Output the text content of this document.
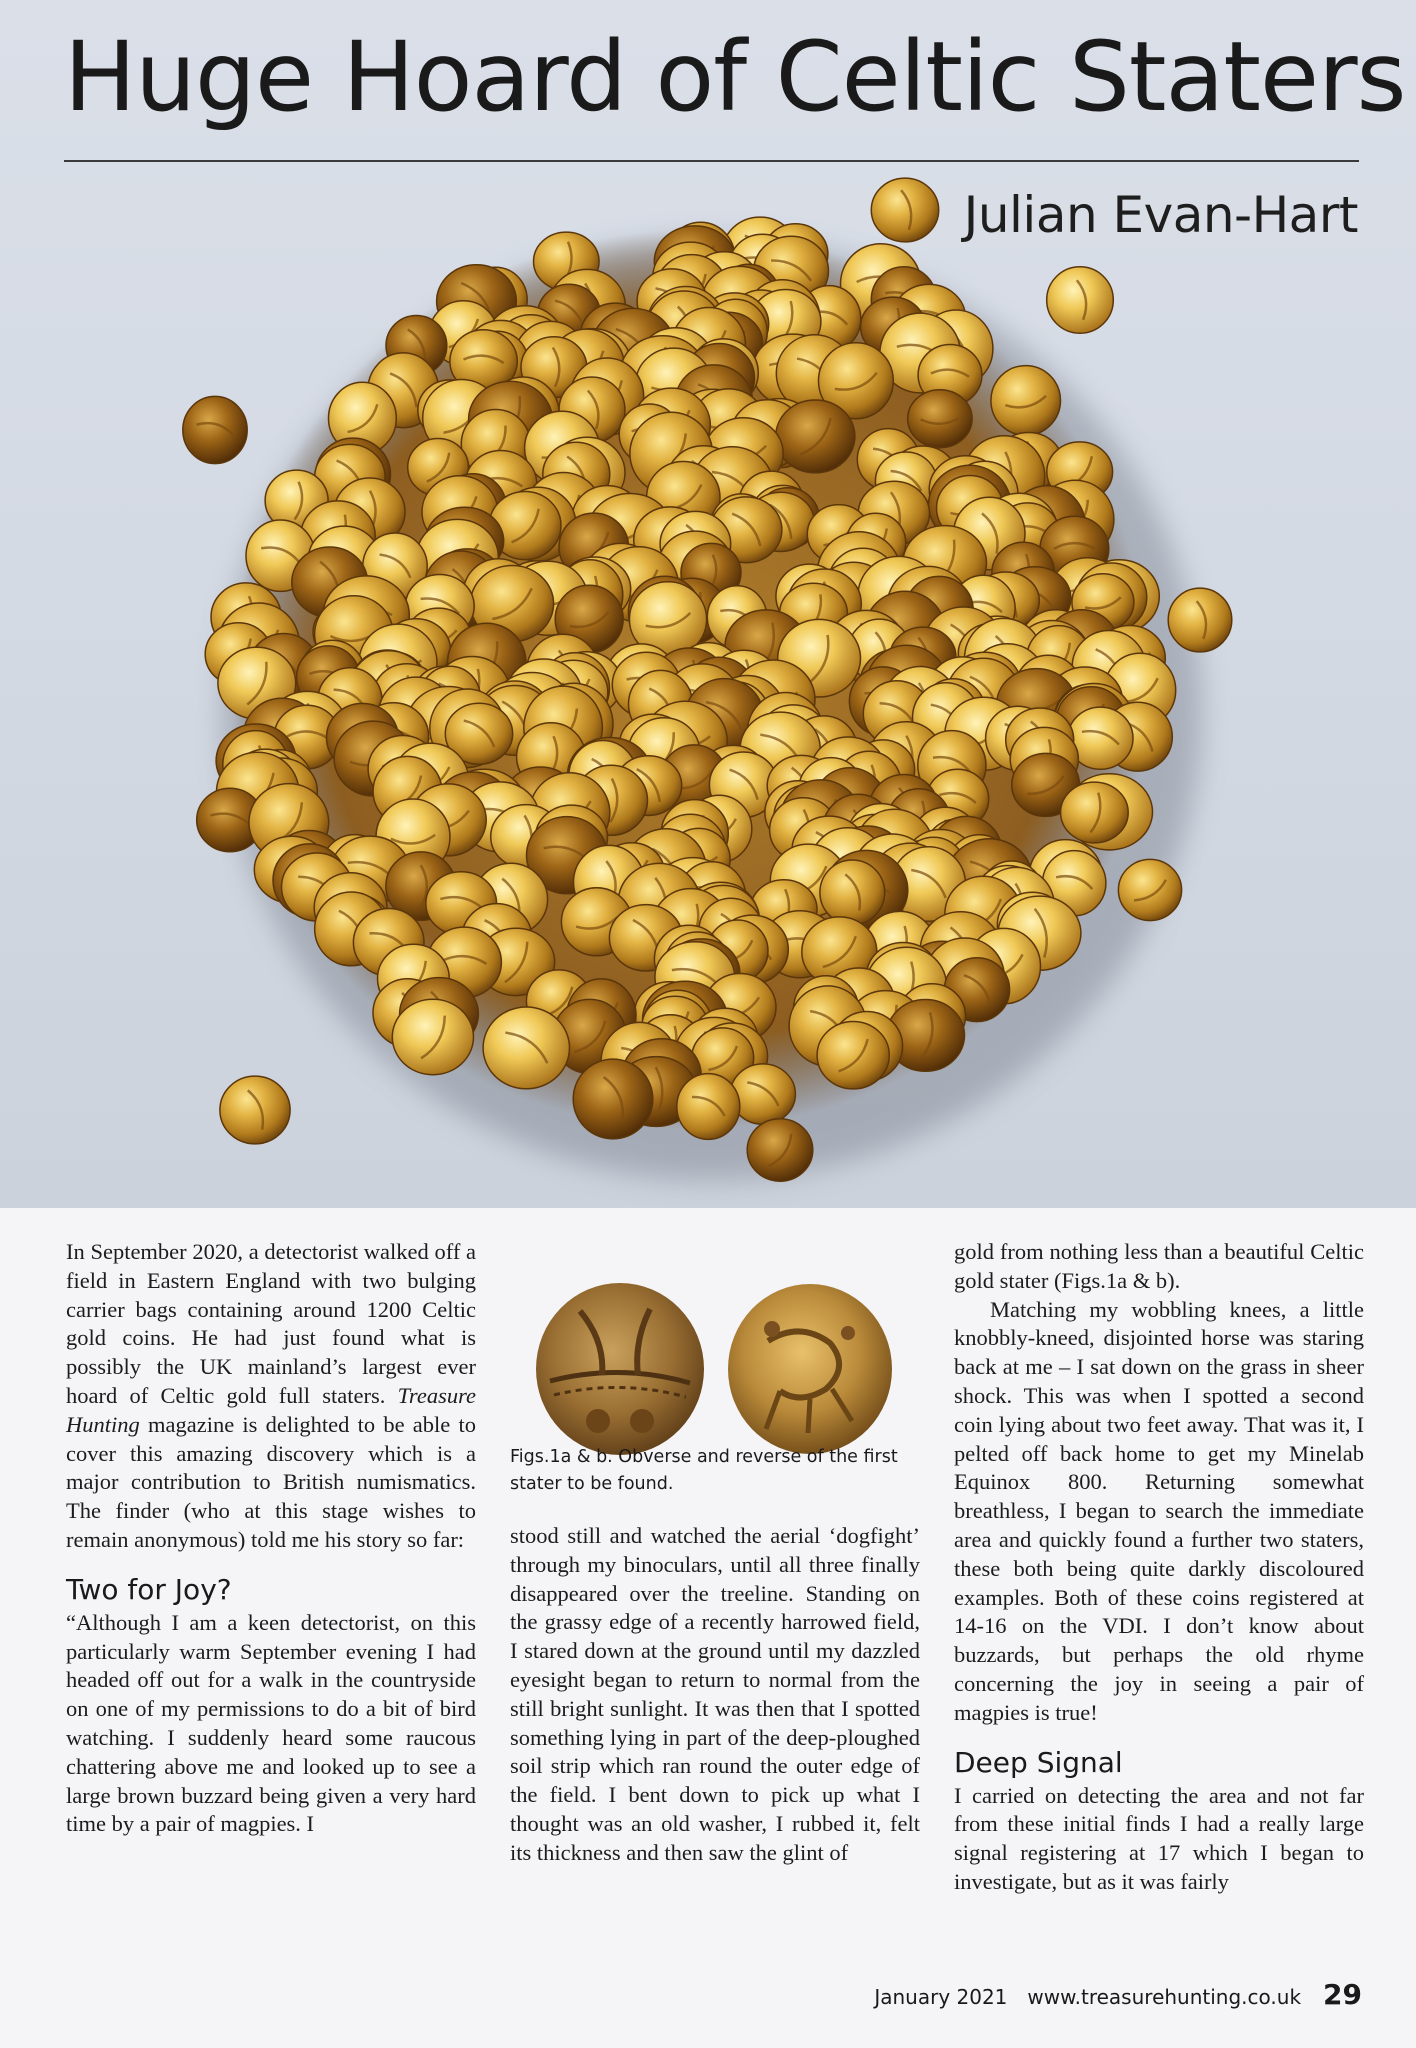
Huge Hoard of Celtic Staters
Julian Evan-Hart

In September 2020, a detectorist walked off a field in Eastern England with two bulging carrier bags containing around 1200 Celtic gold coins. He had just found what is possibly the UK mainland’s largest ever hoard of Celtic gold full staters. Treasure Hunting magazine is delighted to be able to cover this amazing discovery which is a major contribution to British numismatics. The finder (who at this stage wishes to remain anonymous) told me his story so far:

Two for Joy?

“Although I am a keen detectorist, on this particularly warm September evening I had headed off out for a walk in the countryside on one of my permissions to do a bit of bird watching. I suddenly heard some raucous chattering above me and looked up to see a large brown buzzard being given a very hard time by a pair of magpies. I

Figs.1a & b. Obverse and reverse of the first stater to be found.

stood still and watched the aerial ‘dogfight’ through my binoculars, until all three finally disappeared over the treeline. Standing on the grassy edge of a recently harrowed field, I stared down at the ground until my dazzled eyesight began to return to normal from the still bright sunlight. It was then that I spotted something lying in part of the deep-ploughed soil strip which ran round the outer edge of the field. I bent down to pick up what I thought was an old washer, I rubbed it, felt its thickness and then saw the glint of

gold from nothing less than a beautiful Celtic gold stater (Figs.1a & b).

Matching my wobbling knees, a little knobbly-kneed, disjointed horse was staring back at me – I sat down on the grass in sheer shock. This was when I spotted a second coin lying about two feet away. That was it, I pelted off back home to get my Minelab Equinox 800. Returning somewhat breathless, I began to search the immediate area and quickly found a further two staters, these both being quite darkly discoloured examples. Both of these coins registered at 14-16 on the VDI. I don’t know about buzzards, but perhaps the old rhyme concerning the joy in seeing a pair of magpies is true!

Deep Signal

I carried on detecting the area and not far from these initial finds I had a really large signal registering at 17 which I began to investigate, but as it was fairly

January 2021 www.treasurehunting.co.uk 29
